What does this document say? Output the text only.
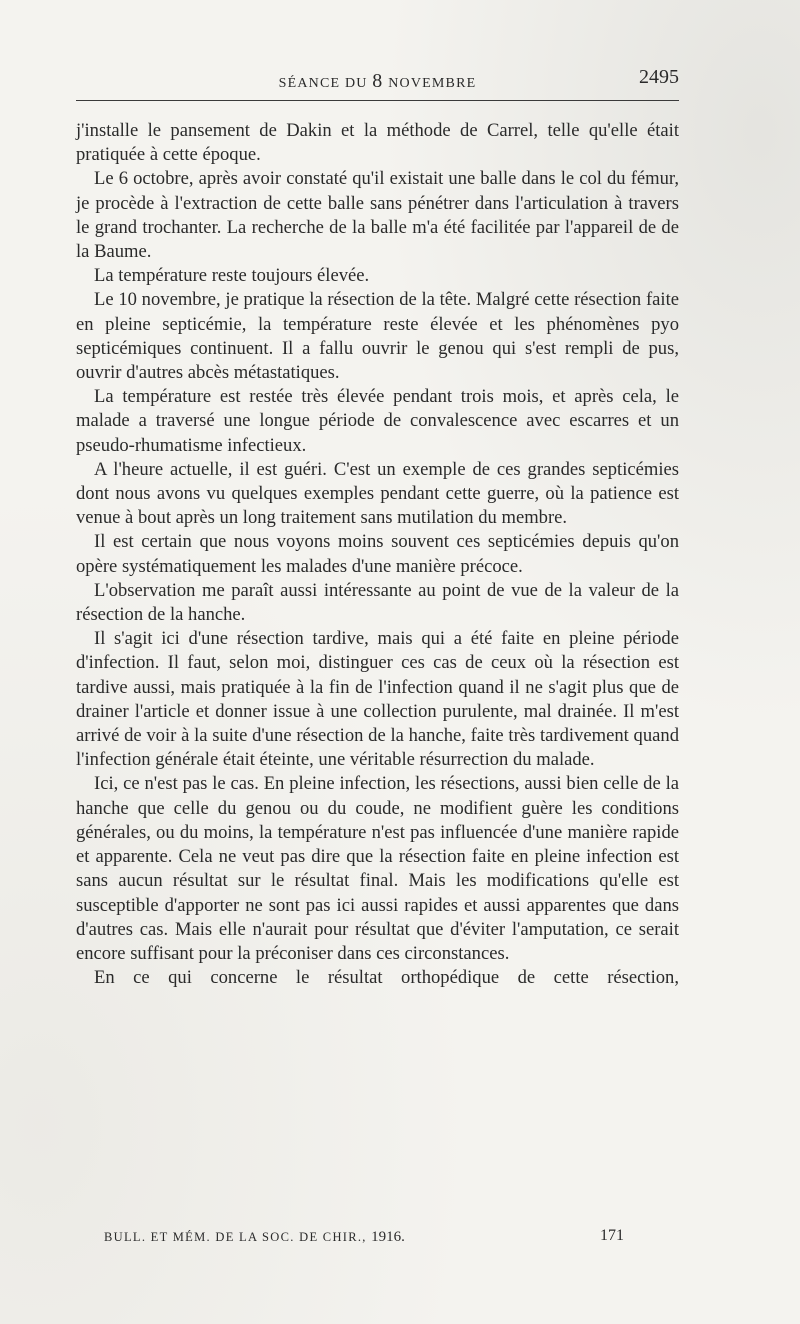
SÉANCE DU 8 NOVEMBRE	2495

j'installe le pansement de Dakin et la méthode de Carrel, telle qu'elle était pratiquée à cette époque.

Le 6 octobre, après avoir constaté qu'il existait une balle dans le col du fémur, je procède à l'extraction de cette balle sans pénétrer dans l'articulation à travers le grand trochanter. La recherche de la balle m'a été facilitée par l'appareil de de la Baume.

La température reste toujours élevée.

Le 10 novembre, je pratique la résection de la tête. Malgré cette résection faite en pleine septicémie, la température reste élevée et les phénomènes pyo septicémiques continuent. Il a fallu ouvrir le genou qui s'est rempli de pus, ouvrir d'autres abcès métastatiques.

La température est restée très élevée pendant trois mois, et après cela, le malade a traversé une longue période de convalescence avec escarres et un pseudo-rhumatisme infectieux.

A l'heure actuelle, il est guéri. C'est un exemple de ces grandes septicémies dont nous avons vu quelques exemples pendant cette guerre, où la patience est venue à bout après un long traitement sans mutilation du membre.

Il est certain que nous voyons moins souvent ces septicémies depuis qu'on opère systématiquement les malades d'une manière précoce.

L'observation me paraît aussi intéressante au point de vue de la valeur de la résection de la hanche.

Il s'agit ici d'une résection tardive, mais qui a été faite en pleine période d'infection. Il faut, selon moi, distinguer ces cas de ceux où la résection est tardive aussi, mais pratiquée à la fin de l'infection quand il ne s'agit plus que de drainer l'article et donner issue à une collection purulente, mal drainée. Il m'est arrivé de voir à la suite d'une résection de la hanche, faite très tardivement quand l'infection générale était éteinte, une véritable résurrection du malade.

Ici, ce n'est pas le cas. En pleine infection, les résections, aussi bien celle de la hanche que celle du genou ou du coude, ne modifient guère les conditions générales, ou du moins, la température n'est pas influencée d'une manière rapide et apparente. Cela ne veut pas dire que la résection faite en pleine infection est sans aucun résultat sur le résultat final. Mais les modifications qu'elle est susceptible d'apporter ne sont pas ici aussi rapides et aussi apparentes que dans d'autres cas. Mais elle n'aurait pour résultat que d'éviter l'amputation, ce serait encore suffisant pour la préconiser dans ces circonstances.

En ce qui concerne le résultat orthopédique de cette résection,

BULL. ET MÉM. DE LA SOC. DE CHIR., 1916.	171
